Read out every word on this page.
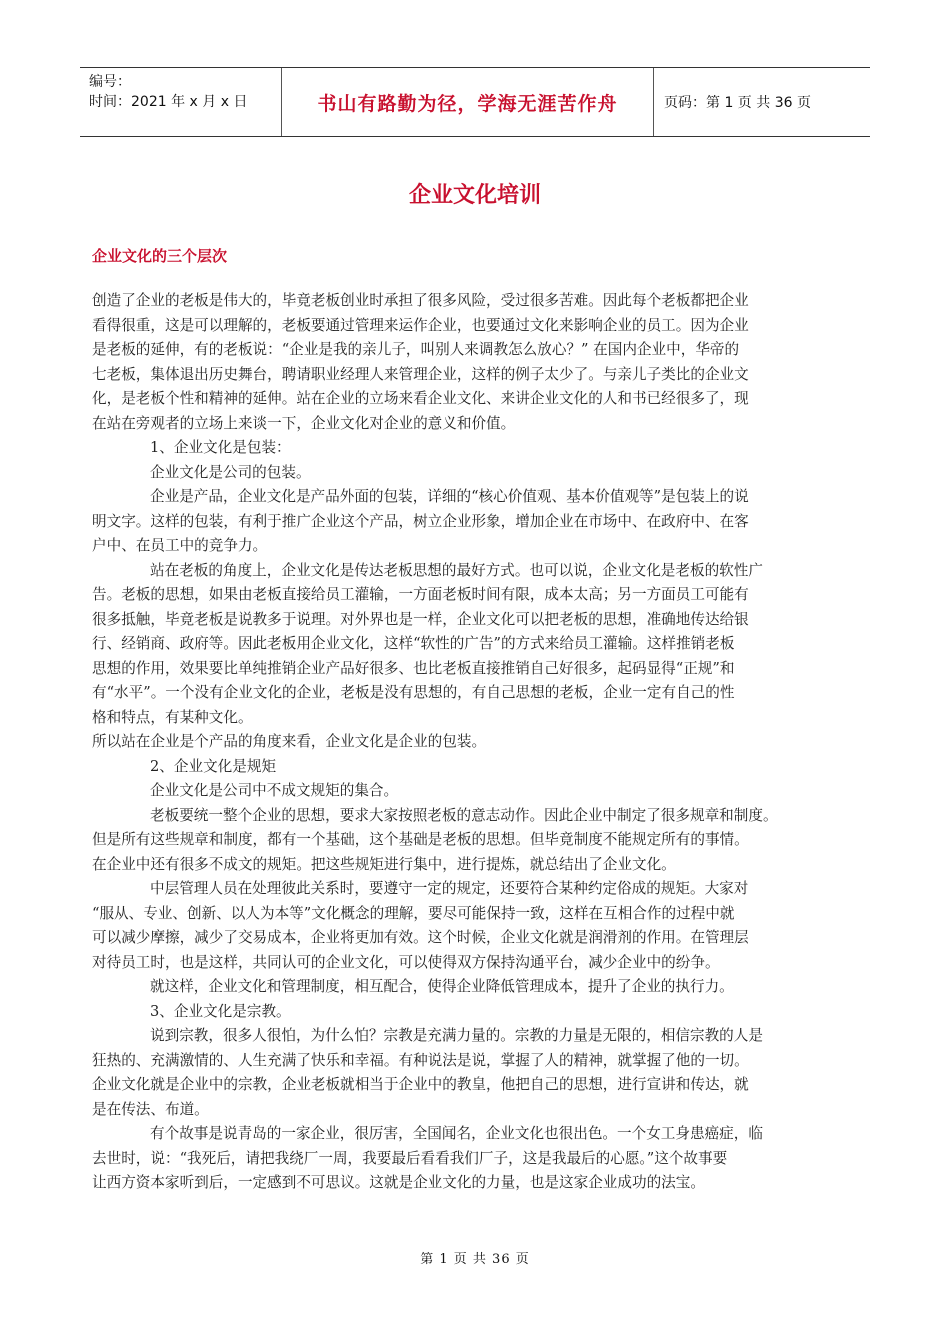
编号：
时间：2021 年 x 月 x 日	书山有路勤为径，学海无涯苦作舟	页码：第 1 页 共 36 页
企业文化培训
企业文化的三个层次
创造了企业的老板是伟大的，毕竟老板创业时承担了很多风险，受过很多苦难。因此每个老板都把企业
看得很重，这是可以理解的，老板要通过管理来运作企业，也要通过文化来影响企业的员工。因为企业
是老板的延伸，有的老板说：“企业是我的亲儿子，叫别人来调教怎么放心？” 在国内企业中，华帝的
七老板，集体退出历史舞台，聘请职业经理人来管理企业，这样的例子太少了。与亲儿子类比的企业文
化，是老板个性和精神的延伸。站在企业的立场来看企业文化、来讲企业文化的人和书已经很多了，现
在站在旁观者的立场上来谈一下，企业文化对企业的意义和价值。
1、企业文化是包装：
企业文化是公司的包装。
企业是产品，企业文化是产品外面的包装，详细的“核心价值观、基本价值观等”是包装上的说
明文字。这样的包装，有利于推广企业这个产品，树立企业形象，增加企业在市场中、在政府中、在客
户中、在员工中的竞争力。
站在老板的角度上，企业文化是传达老板思想的最好方式。也可以说，企业文化是老板的软性广
告。老板的思想，如果由老板直接给员工灌输，一方面老板时间有限，成本太高；另一方面员工可能有
很多抵触，毕竟老板是说教多于说理。对外界也是一样，企业文化可以把老板的思想，准确地传达给银
行、经销商、政府等。因此老板用企业文化，这样“软性的广告”的方式来给员工灌输。这样推销老板
思想的作用，效果要比单纯推销企业产品好很多、也比老板直接推销自己好很多，起码显得“正规”和
有“水平”。一个没有企业文化的企业，老板是没有思想的，有自己思想的老板，企业一定有自己的性
格和特点，有某种文化。
所以站在企业是个产品的角度来看，企业文化是企业的包装。
2、企业文化是规矩
企业文化是公司中不成文规矩的集合。
老板要统一整个企业的思想，要求大家按照老板的意志动作。因此企业中制定了很多规章和制度。
但是所有这些规章和制度，都有一个基础，这个基础是老板的思想。但毕竟制度不能规定所有的事情。
在企业中还有很多不成文的规矩。把这些规矩进行集中，进行提炼，就总结出了企业文化。
中层管理人员在处理彼此关系时，要遵守一定的规定，还要符合某种约定俗成的规矩。大家对
“服从、专业、创新、以人为本等”文化概念的理解，要尽可能保持一致，这样在互相合作的过程中就
可以减少摩擦，减少了交易成本，企业将更加有效。这个时候，企业文化就是润滑剂的作用。在管理层
对待员工时，也是这样，共同认可的企业文化，可以使得双方保持沟通平台，减少企业中的纷争。
就这样，企业文化和管理制度，相互配合，使得企业降低管理成本，提升了企业的执行力。
3、企业文化是宗教。
说到宗教，很多人很怕，为什么怕？宗教是充满力量的。宗教的力量是无限的，相信宗教的人是
狂热的、充满激情的、人生充满了快乐和幸福。有种说法是说，掌握了人的精神，就掌握了他的一切。
企业文化就是企业中的宗教，企业老板就相当于企业中的教皇，他把自己的思想，进行宣讲和传达，就
是在传法、布道。
有个故事是说青岛的一家企业，很厉害，全国闻名，企业文化也很出色。一个女工身患癌症，临
去世时，说：“我死后，请把我绕厂一周，我要最后看看我们厂子，这是我最后的心愿。”这个故事要
让西方资本家听到后，一定感到不可思议。这就是企业文化的力量，也是这家企业成功的法宝。
第 1 页 共 36 页
